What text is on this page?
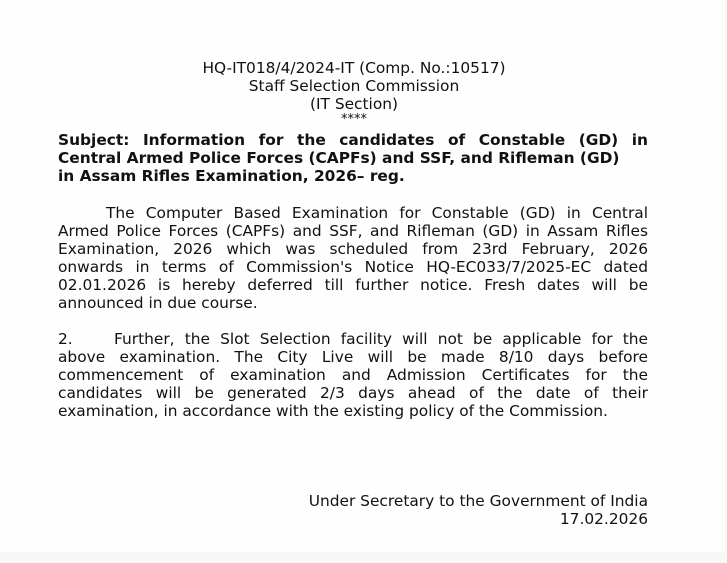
HQ-IT018/4/2024-IT (Comp. No.:10517)
Staff Selection Commission
(IT Section)
****
Subject: Information for the candidates of Constable (GD) in
Central Armed Police Forces (CAPFs) and SSF, and Rifleman (GD)
in Assam Rifles Examination, 2026– reg.
The Computer Based Examination for Constable (GD) in Central
Armed Police Forces (CAPFs) and SSF, and Rifleman (GD) in Assam Rifles
Examination, 2026 which was scheduled from 23rd February, 2026
onwards in terms of Commission's Notice HQ-EC033/7/2025-EC dated
02.01.2026 is hereby deferred till further notice. Fresh dates will be
announced in due course.
2.	Further, the Slot Selection facility will not be applicable for the
above examination. The City Live will be made 8/10 days before
commencement of examination and Admission Certificates for the
candidates will be generated 2/3 days ahead of the date of their
examination, in accordance with the existing policy of the Commission.
Under Secretary to the Government of India
17.02.2026
